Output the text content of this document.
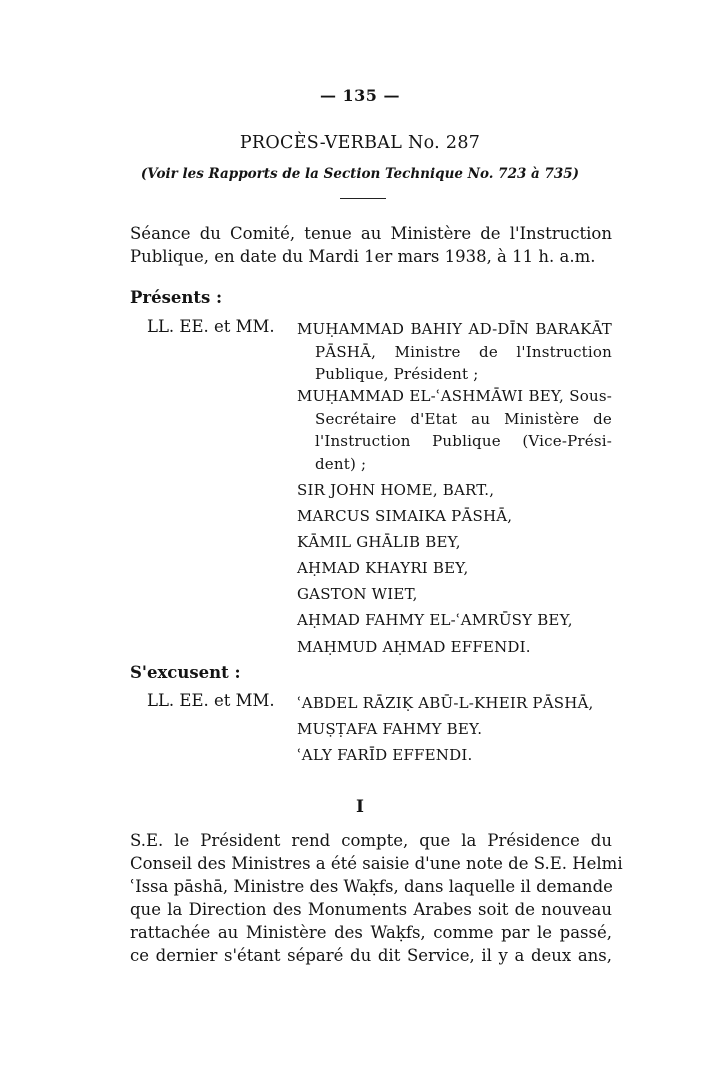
— 135 —
PROCÈS-VERBAL No. 287
(Voir les Rapports de la Section Technique No. 723 à 735)
Séance du Comité, tenue au Ministère de l'Instruction
Publique, en date du Mardi 1er mars 1938, à 11 h. a.m.
Présents :
LL. EE. et MM. MUḤAMMAD BAHIY AD-DĪN BARAKĀT
PĀSHĀ, Ministre de l'Instruction
Publique, Président ;
MUḤAMMAD EL-ʿASHMĀWI BEY, Sous-
Secrétaire d'Etat au Ministère de
l'Instruction Publique (Vice-Prési-
dent) ;
SIR JOHN HOME, BART.,
MARCUS SIMAIKA PĀSHĀ,
KĀMIL GHĀLIB BEY,
AḤMAD KHAYRI BEY,
GASTON WIET,
AḤMAD FAHMY EL-ʿAMRŪSY BEY,
MAḤMUD AḤMAD EFFENDI.
S'excusent :
LL. EE. et MM. ʿABDEL RĀZIḲ ABŪ-L-KHEIR PĀSHĀ,
MUṢṬAFA FAHMY BEY.
ʿALY FARĪD EFFENDI.
I
S.E. le Président rend compte, que la Présidence du
Conseil des Ministres a été saisie d'une note de S.E. Helmi
ʿIssa pāshā, Ministre des Waḳfs, dans laquelle il demande
que la Direction des Monuments Arabes soit de nouveau
rattachée au Ministère des Waḳfs, comme par le passé,
ce dernier s'étant séparé du dit Service, il y a deux ans,
